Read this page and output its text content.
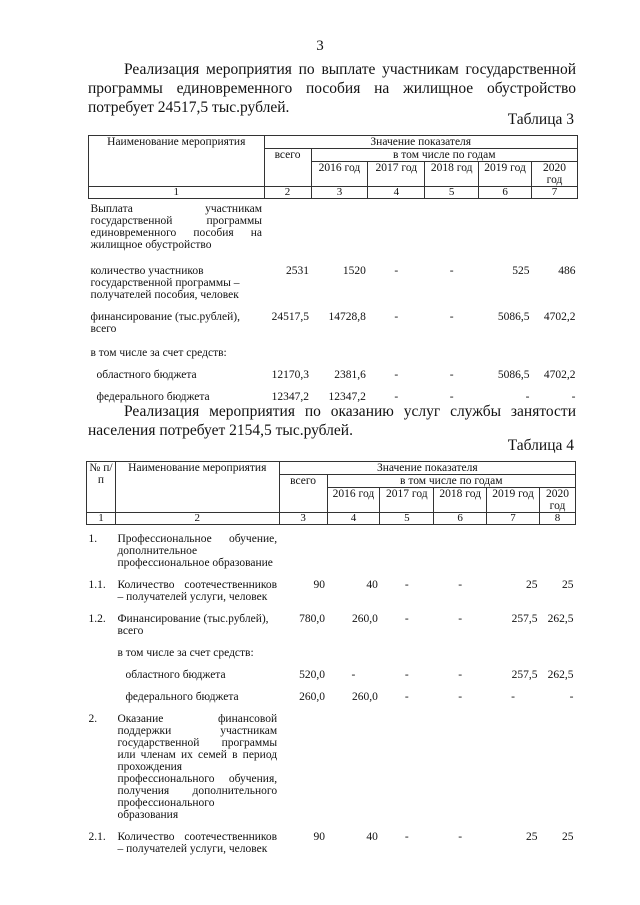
3
Реализация мероприятия по выплате участникам государственной программы единовременного пособия на жилищное обустройство потребует 24517,5 тыс.рублей.
Таблица 3
Наименование мероприятия	Значение показателя					
	всего	в том числе по годам				
		2016 год	2017 год	2018 год	2019 год	2020 год
1	2	3	4	5	6	7
Выплата участникам государственной программы единовременного пособия на жилищное обустройство						
количество участников государственной программы – получателей пособия, человек	2531	1520	-	-	525	486
финансирование (тыс.рублей), всего	24517,5	14728,8	-	-	5086,5	4702,2
в том числе за счет средств:						
областного бюджета	12170,3	2381,6	-	-	5086,5	4702,2
федерального бюджета	12347,2	12347,2	-	-	-	-
Реализация мероприятия по оказанию услуг службы занятости населения потребует 2154,5 тыс.рублей.
Таблица 4
№ п/п	Наименование мероприятия	Значение показателя					
		всего	в том числе по годам				
			2016 год	2017 год	2018 год	2019 год	2020 год
1	2	3	4	5	6	7	8
1.	Профессиональное обучение, дополнительное профессиональное образование						
1.1.	Количество соотечественников – получателей услуги, человек	90	40	-	-	25	25
1.2.	Финансирование (тыс.рублей), всего	780,0	260,0	-	-	257,5	262,5
	в том числе за счет средств:						
	областного бюджета	520,0	-	-	-	257,5	262,5
	федерального бюджета	260,0	260,0	-	-	-	-
2.	Оказание финансовой поддержки участникам государственной программы или членам их семей в период прохождения профессионального обучения, получения дополнительного профессионального образования						
2.1.	Количество соотечественников – получателей услуги, человек	90	40	-	-	25	25
